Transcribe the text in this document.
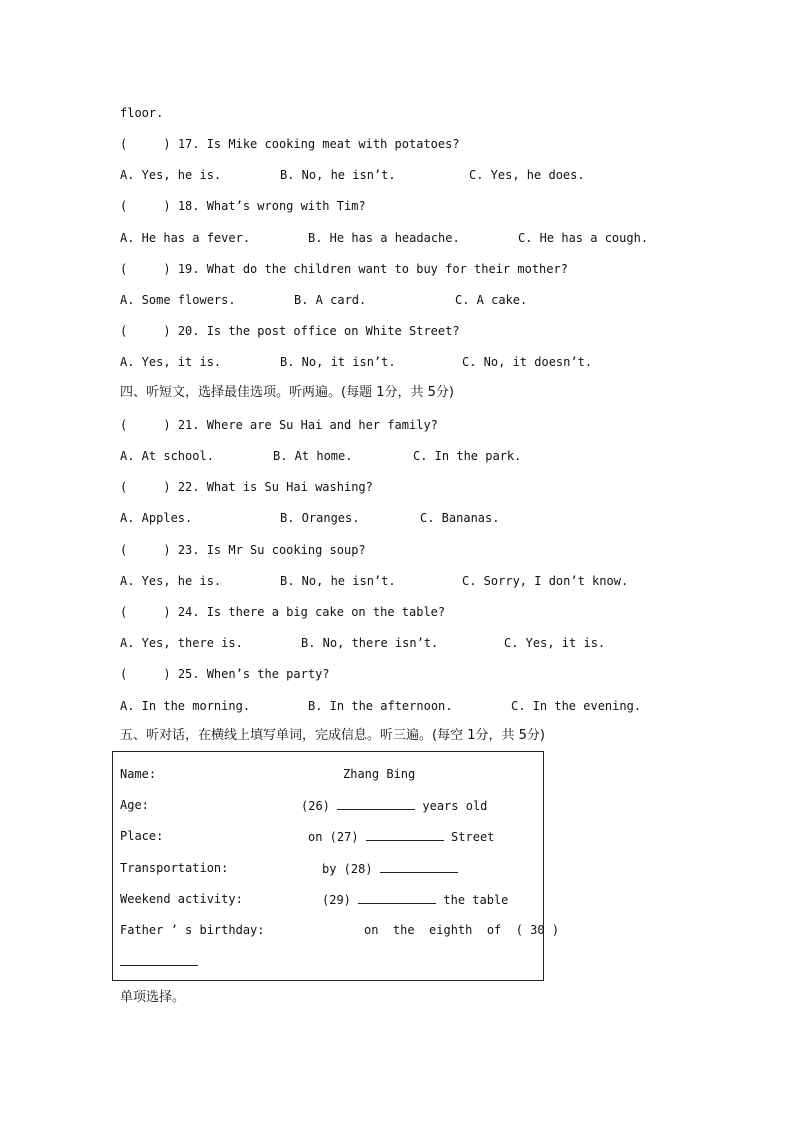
floor.
(     ) 17. Is Mike cooking meat with potatoes?
A. Yes, he is.	B. No, he isn’t.	C. Yes, he does.
(     ) 18. What’s wrong with Tim?
A. He has a fever.	B. He has a headache.	C. He has a cough.
(     ) 19. What do the children want to buy for their mother?
A. Some flowers.	B. A card.	C. A cake.
(     ) 20. Is the post office on White Street?
A. Yes, it is.	B. No, it isn’t.	C. No, it doesn’t.
四、听短文，选择最佳选项。听两遍。(每题 1分，共 5分)
(     ) 21. Where are Su Hai and her family?
A. At school.	B. At home.	C. In the park.
(     ) 22. What is Su Hai washing?
A. Apples.	B. Oranges.	C. Bananas.
(     ) 23. Is Mr Su cooking soup?
A. Yes, he is.	B. No, he isn’t.	C. Sorry, I don’t know.
(     ) 24. Is there a big cake on the table?
A. Yes, there is.	B. No, there isn’t.	C. Yes, it is.
(     ) 25. When’s the party?
A. In the morning.	B. In the afternoon.	C. In the evening.
五、听对话，在横线上填写单词，完成信息。听三遍。(每空 1分，共 5分)
Name:	Zhang Bing
Age:	(26)	years old
Place:	on (27)	Street
Transportation:	by (28)
Weekend activity:	(29)	the table
Father ’ s birthday:	on  the  eighth  of  ( 30 )
单项选择。
